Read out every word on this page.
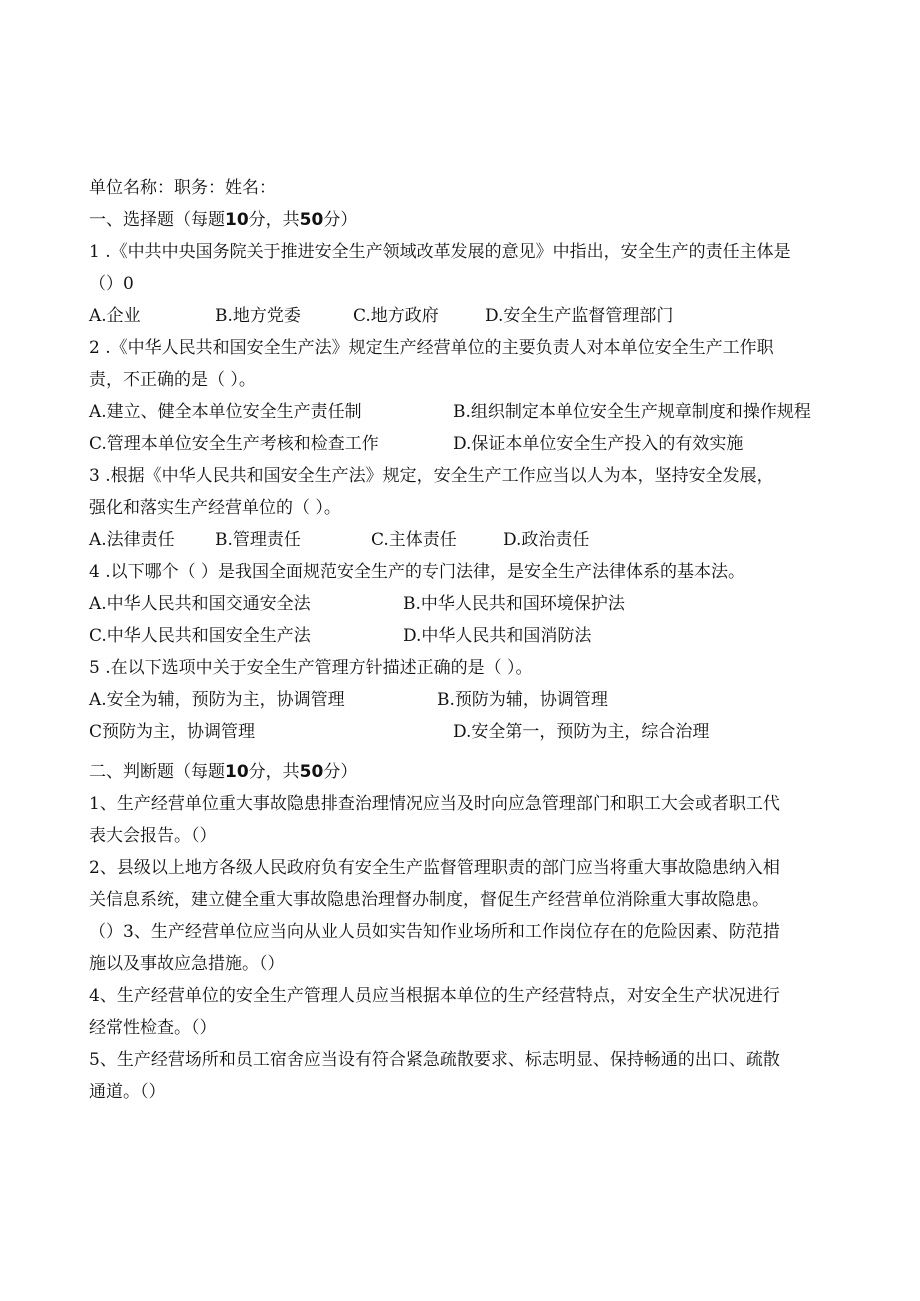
单位名称：职务：姓名：
一、选择题（每题10分，共50分）
1 .《中共中央国务院关于推进安全生产领域改革发展的意见》中指出，安全生产的责任主体是
（）0
A.企业	B.地方党委	C.地方政府	D.安全生产监督管理部门
2 .《中华人民共和国安全生产法》规定生产经营单位的主要负责人对本单位安全生产工作职
责，不正确的是（ ）。
A.建立、健全本单位安全生产责任制	B.组织制定本单位安全生产规章制度和操作规程
C.管理本单位安全生产考核和检查工作	D.保证本单位安全生产投入的有效实施
3 .根据《中华人民共和国安全生产法》规定，安全生产工作应当以人为本，坚持安全发展，
强化和落实生产经营单位的（ ）。
A.法律责任	B.管理责任	C.主体责任	D.政治责任
4 .以下哪个（ ）是我国全面规范安全生产的专门法律，是安全生产法律体系的基本法。
A.中华人民共和国交通安全法	B.中华人民共和国环境保护法
C.中华人民共和国安全生产法	D.中华人民共和国消防法
5 .在以下选项中关于安全生产管理方针描述正确的是（ ）。
A.安全为辅，预防为主，协调管理	B.预防为辅，协调管理
C预防为主，协调管理	D.安全第一，预防为主，综合治理
二、判断题（每题10分，共50分）
1、生产经营单位重大事故隐患排查治理情况应当及时向应急管理部门和职工大会或者职工代
表大会报告。（）
2、县级以上地方各级人民政府负有安全生产监督管理职责的部门应当将重大事故隐患纳入相
关信息系统，建立健全重大事故隐患治理督办制度，督促生产经营单位消除重大事故隐患。
（）3、生产经营单位应当向从业人员如实告知作业场所和工作岗位存在的危险因素、防范措
施以及事故应急措施。（）
4、生产经营单位的安全生产管理人员应当根据本单位的生产经营特点，对安全生产状况进行
经常性检查。（）
5、生产经营场所和员工宿舍应当设有符合紧急疏散要求、标志明显、保持畅通的出口、疏散
通道。（）
